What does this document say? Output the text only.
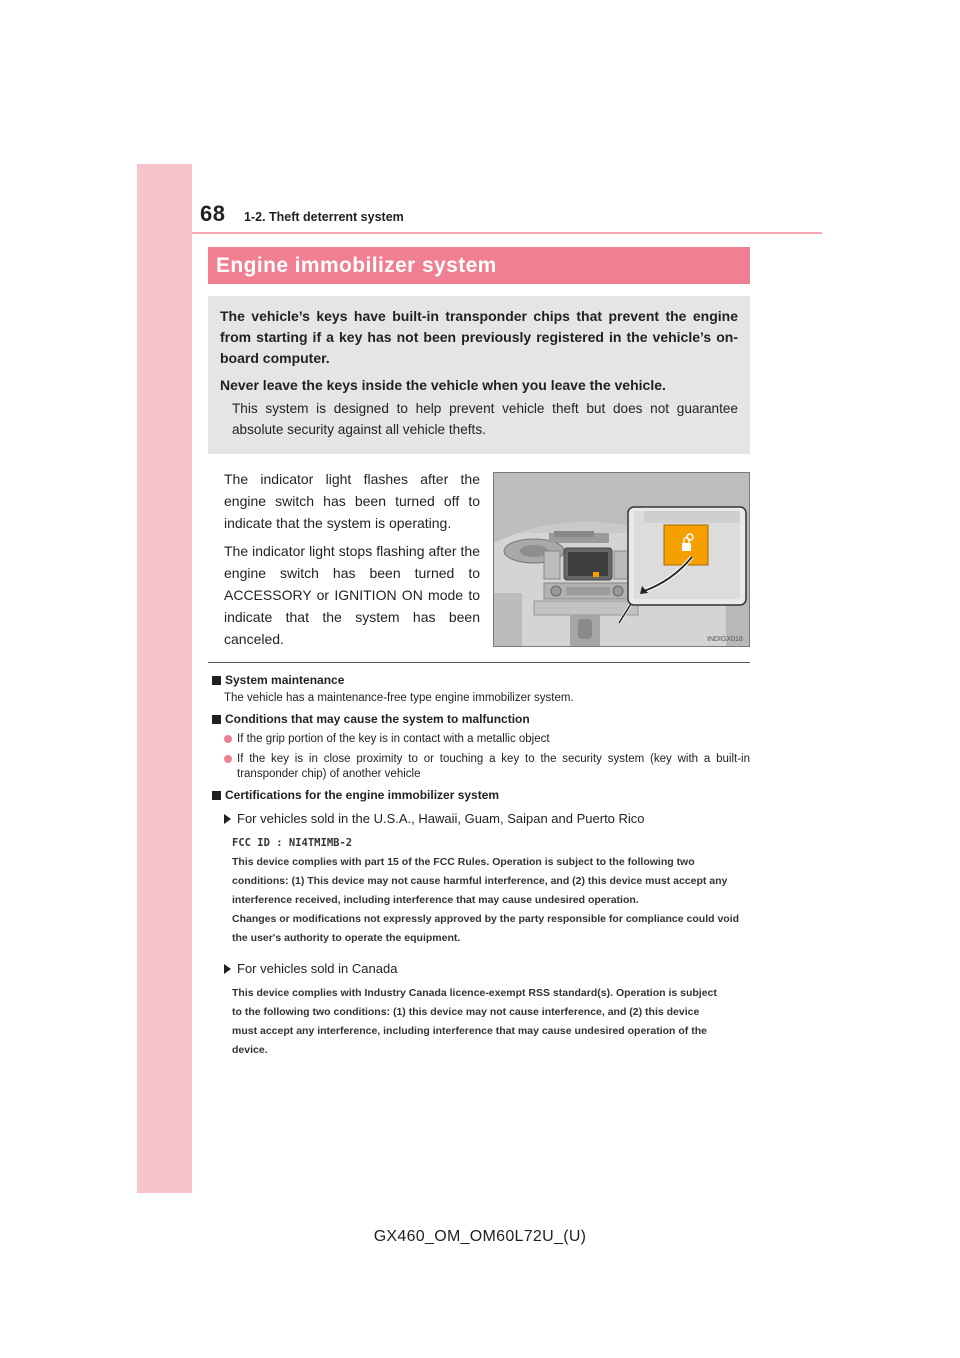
68 1-2. Theft deterrent system
Engine immobilizer system

The vehicle’s keys have built-in transponder chips that prevent the engine from starting if a key has not been previously registered in the vehicle’s on-board computer.

Never leave the keys inside the vehicle when you leave the vehicle.

This system is designed to help prevent vehicle theft but does not guarantee absolute security against all vehicle thefts.

The indicator light flashes after the engine switch has been turned off to indicate that the system is operating.

The indicator light stops flashing after the engine switch has been turned to ACCESSORY or IGNITION ON mode to indicate that the system has been canceled.	INDIGX018
System maintenance
The vehicle has a maintenance-free type engine immobilizer system.
Conditions that may cause the system to malfunction
If the grip portion of the key is in contact with a metallic object
If the key is in close proximity to or touching a key to the security system (key with a built-in transponder chip) of another vehicle
Certifications for the engine immobilizer system
For vehicles sold in the U.S.A., Hawaii, Guam, Saipan and Puerto Rico
FCC ID : NI4TMIMB-2
This device complies with part 15 of the FCC Rules. Operation is subject to the following two
conditions: (1) This device may not cause harmful interference, and (2) this device must accept any
interference received, including interference that may cause undesired operation.
Changes or modifications not expressly approved by the party responsible for compliance could void
the user's authority to operate the equipment.
For vehicles sold in Canada
This device complies with Industry Canada licence-exempt RSS standard(s). Operation is subject
to the following two conditions: (1) this device may not cause interference, and (2) this device
must accept any interference, including interference that may cause undesired operation of the
device.
GX460_OM_OM60L72U_(U)
